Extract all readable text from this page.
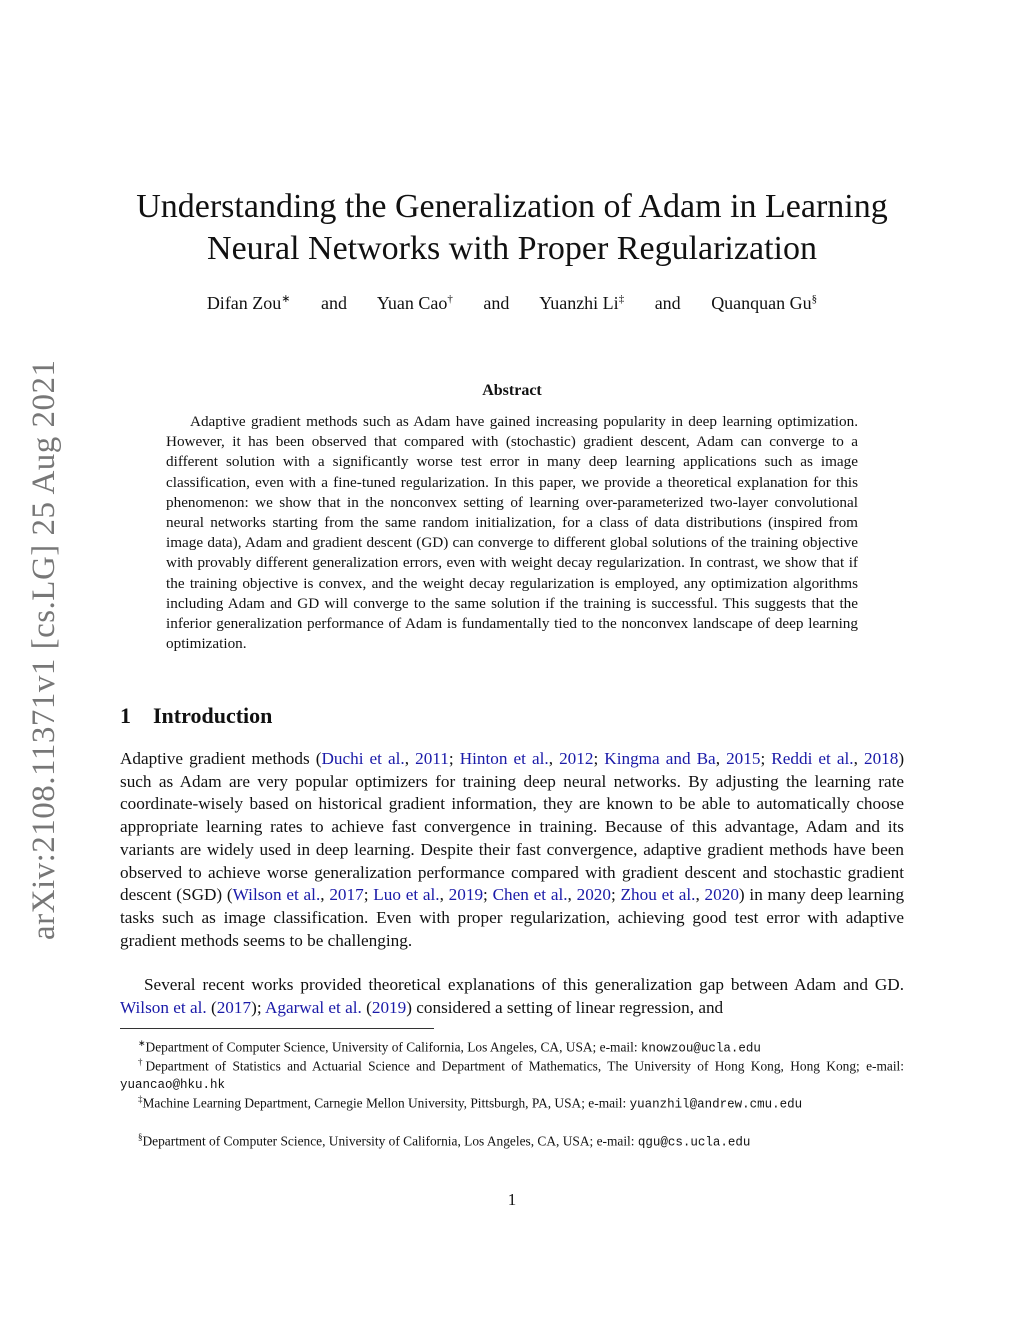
arXiv:2108.11371v1 [cs.LG] 25 Aug 2021
Understanding the Generalization of Adam in Learning
Neural Networks with Proper Regularization
Difan Zou∗ and Yuan Cao† and Yuanzhi Li‡ and Quanquan Gu§
Abstract

Adaptive gradient methods such as Adam have gained increasing popularity in deep learning optimization. However, it has been observed that compared with (stochastic) gradient descent, Adam can converge to a different solution with a significantly worse test error in many deep learning applications such as image classification, even with a fine-tuned regularization. In this paper, we provide a theoretical explanation for this phenomenon: we show that in the nonconvex setting of learning over-parameterized two-layer convolutional neural networks starting from the same random initialization, for a class of data distributions (inspired from image data), Adam and gradient descent (GD) can converge to different global solutions of the training objective with provably different generalization errors, even with weight decay regularization. In contrast, we show that if the training objective is convex, and the weight decay regularization is employed, any optimization algorithms including Adam and GD will converge to the same solution if the training is successful. This suggests that the inferior generalization performance of Adam is fundamentally tied to the nonconvex landscape of deep learning optimization.

1 Introduction

Adaptive gradient methods (Duchi et al., 2011; Hinton et al., 2012; Kingma and Ba, 2015; Reddi et al., 2018) such as Adam are very popular optimizers for training deep neural networks. By adjusting the learning rate coordinate-wisely based on historical gradient information, they are known to be able to automatically choose appropriate learning rates to achieve fast convergence in training. Because of this advantage, Adam and its variants are widely used in deep learning. Despite their fast convergence, adaptive gradient methods have been observed to achieve worse generalization performance compared with gradient descent and stochastic gradient descent (SGD) (Wilson et al., 2017; Luo et al., 2019; Chen et al., 2020; Zhou et al., 2020) in many deep learning tasks such as image classification. Even with proper regularization, achieving good test error with adaptive gradient methods seems to be challenging.

Several recent works provided theoretical explanations of this generalization gap between Adam and GD. Wilson et al. (2017); Agarwal et al. (2019) considered a setting of linear regression, and

∗Department of Computer Science, University of California, Los Angeles, CA, USA; e-mail: knowzou@ucla.edu

†Department of Statistics and Actuarial Science and Department of Mathematics, The University of Hong Kong, Hong Kong; e-mail: yuancao@hku.hk

‡Machine Learning Department, Carnegie Mellon University, Pittsburgh, PA, USA; e-mail: yuanzhil@andrew.cmu.edu

§Department of Computer Science, University of California, Los Angeles, CA, USA; e-mail: qgu@cs.ucla.edu

1
